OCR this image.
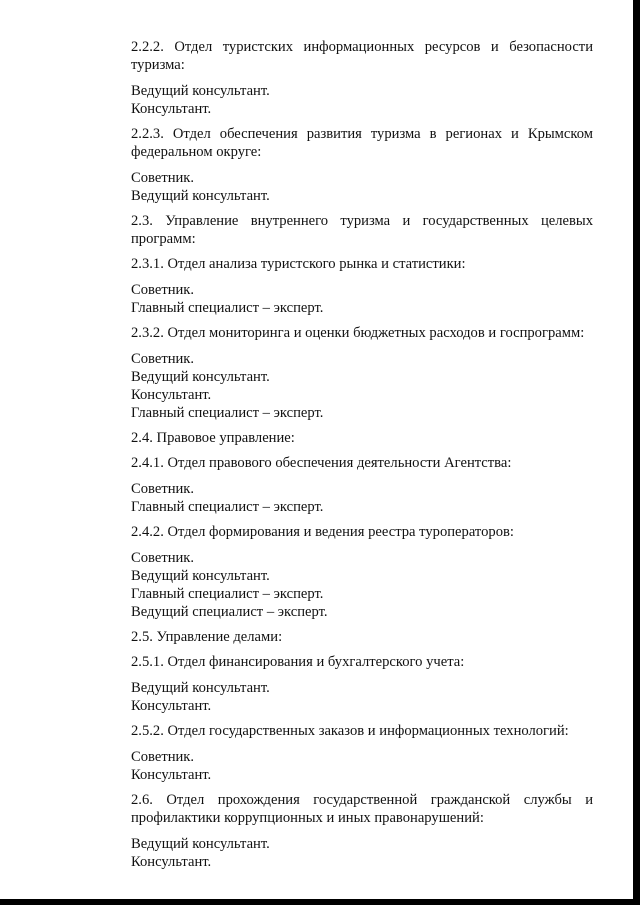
2.2.2. Отдел туристских информационных ресурсов и безопасности туризма:
Ведущий консультант.
Консультант.
2.2.3. Отдел обеспечения развития туризма в регионах и Крымском федеральном округе:
Советник.
Ведущий консультант.
2.3. Управление внутреннего туризма и государственных целевых программ:
2.3.1. Отдел анализа туристского рынка и статистики:
Советник.
Главный специалист – эксперт.
2.3.2. Отдел мониторинга и оценки бюджетных расходов и госпрограмм:
Советник.
Ведущий консультант.
Консультант.
Главный специалист – эксперт.
2.4. Правовое управление:
2.4.1. Отдел правового обеспечения деятельности Агентства:
Советник.
Главный специалист – эксперт.
2.4.2. Отдел формирования и ведения реестра туроператоров:
Советник.
Ведущий консультант.
Главный специалист – эксперт.
Ведущий специалист – эксперт.
2.5. Управление делами:
2.5.1. Отдел финансирования и бухгалтерского учета:
Ведущий консультант.
Консультант.
2.5.2. Отдел государственных заказов и информационных технологий:
Советник.
Консультант.
2.6. Отдел прохождения государственной гражданской службы и профилактики коррупционных и иных правонарушений:
Ведущий консультант.
Консультант.
